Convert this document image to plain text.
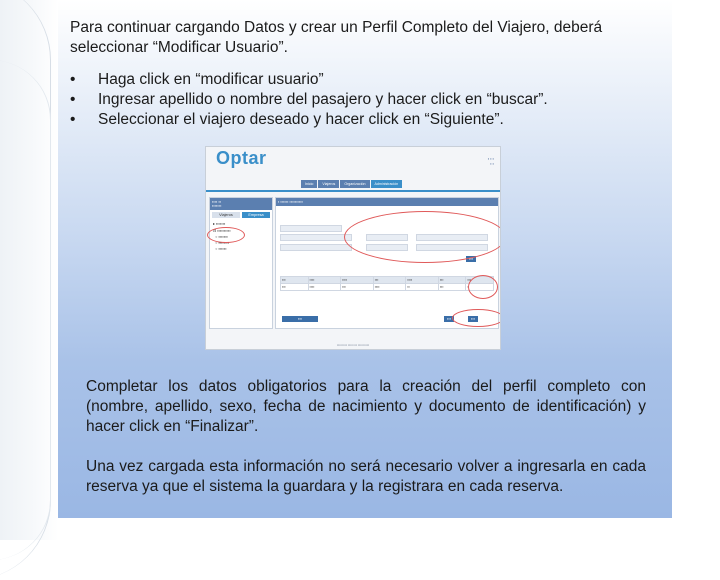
Para continuar cargando Datos y crear un Perfil Completo del Viajero, deberá seleccionar “Modificar Usuario”.

• Haga click en “modificar usuario”
• Ingresar apellido o nombre del pasajero y hacer click en “buscar”.
• Seleccionar el viajero deseado y hacer click en “Siguiente”.
Optar	▪ ▪ ▪
▪ ▪
Inicio	Viajeros	Organización	Administración
▪▪▪▪ ▪▪
▪▪▪▪▪▪▪
Viajeros	Empresa
▸ ▪▪▪▪▪▪▪
⊟ ▪▪▪▪▪▪▪▪▪▪
○ ▪▪▪▪▪▪▪
○ ▪▪▪▪▪▪▪▪
○ ▪▪▪▪▪▪
▪ ▪▪▪▪▪▪ ▪▪▪▪▪▪▪▪▪▪
▪▪▪
▪▪▪	▪▪▪▪	▪▪▪▪	▪▪▪	▪▪▪▪	▪▪▪	▪▪▪
▪▪▪	▪▪▪▪	▪▪▪	▪▪▪▪	▪▪	▪▪▪	▪
▪▪▪	▪▪▪	▪▪▪
▪▪▪▪▪▪▪▪▪ ▪▪▪▪▪▪▪▪ ▪▪▪▪▪▪▪▪▪▪

Completar los datos obligatorios para la creación del perfil completo con (nombre, apellido, sexo, fecha de nacimiento y documento de identificación) y hacer click en “Finalizar”.

Una vez cargada esta información no será necesario volver a ingresarla en cada reserva ya que el sistema la guardara y la registrara en cada reserva.
